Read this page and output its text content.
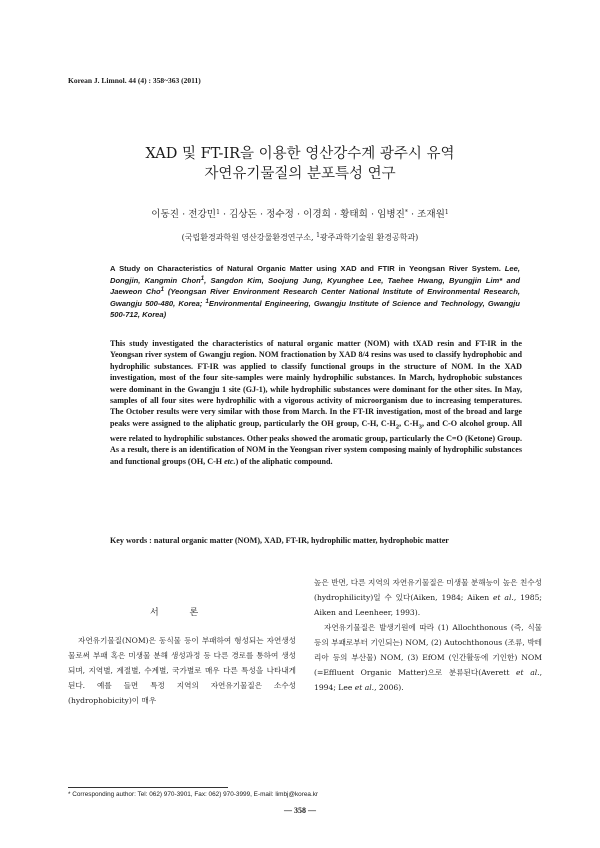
Korean J. Limnol. 44 (4) : 358~363 (2011)
XAD 및 FT-IR을 이용한 영산강수계 광주시 유역
자연유기물질의 분포특성 연구
이동진 · 전강민$^1$ · 김상돈 · 정수정 · 이경희 · 황태희 · 임병진* · 조재원$^1$
(국립환경과학원 영산강물환경연구소, $^1$광주과학기술원 환경공학과)
A Study on Characteristics of Natural Organic Matter using XAD and FTIR in Yeongsan River System. Lee, Dongjin, Kangmin Chon$^1$, Sangdon Kim, Soojung Jung, Kyunghee Lee, Taehee Hwang, Byungjin Lim* and Jaeweon Cho$^1$ (Yeongsan River Environment Research Center National Institute of Environmental Research, Gwangju 500-480, Korea; $^1$Environmental Engineering, Gwangju Institute of Science and Technology, Gwangju 500-712, Korea)
This study investigated the characteristics of natural organic matter (NOM) with tXAD resin and FT-IR in the Yeongsan river system of Gwangju region. NOM fractionation by XAD 8/4 resins was used to classify hydrophobic and hydrophilic substances. FT-IR was applied to classify functional groups in the structure of NOM. In the XAD investigation, most of the four site-samples were mainly hydrophilic substances. In March, hydrophobic substances were dominant in the Gwangju 1 site (GJ-1), while hydrophilic substances were dominant for the other sites. In May, samples of all four sites were hydrophilic with a vigorous activity of microorganism due to increasing temperatures. The October results were very similar with those from March. In the FT-IR investigation, most of the broad and large peaks were assigned to the aliphatic group, particularly the OH group, C-H, $C-H_2$, $C-H_3$, and C-O alcohol group. All were related to hydrophilic substances. Other peaks showed the aromatic group, particularly the C=O (Ketone) Group. As a result, there is an identification of NOM in the Yeongsan river system composing mainly of hydrophilic substances and functional groups (OH, C-H etc.) of the aliphatic compound.
Key words :
natural organic matter (NOM), XAD, FT-IR, hydrophilic matter, hydrophobic matter
서 론
자연유기물질(NOM)은 동식물 등이 부패하여 형성되는 자연생성물로써 부패 혹은 미생물 분해 생성과정 등 다른 경로를 통하여 생성되며, 지역별, 계절별, 수계별, 국가별로 매우 다른 특성을 나타내게 된다. 예를 들면 특정 지역의 자연유기물질은 소수성(hydrophobicity)이 매우

높은 반면, 다른 지역의 자연유기물질은 미생물 분해능이 높은 친수성(hydrophilicity)일 수 있다(Aiken, 1984; Aiken et al., 1985; Aiken and Leenheer, 1993).

자연유기물질은 발생기원에 따라 (1) Allochthonous (즉, 식물 등의 부패로부터 기인되는) NOM, (2) Autochthonous (조류, 박테리아 등의 부산물) NOM, (3) EfOM (인간활동에 기인한) NOM (=Effluent Organic Matter)으로 분류된다(Averett et al., 1994; Lee et al., 2006).

* Corresponding author: Tel: 062) 970-3901, Fax: 062) 970-3999, E-mail: limbj@korea.kr
— 358 —
